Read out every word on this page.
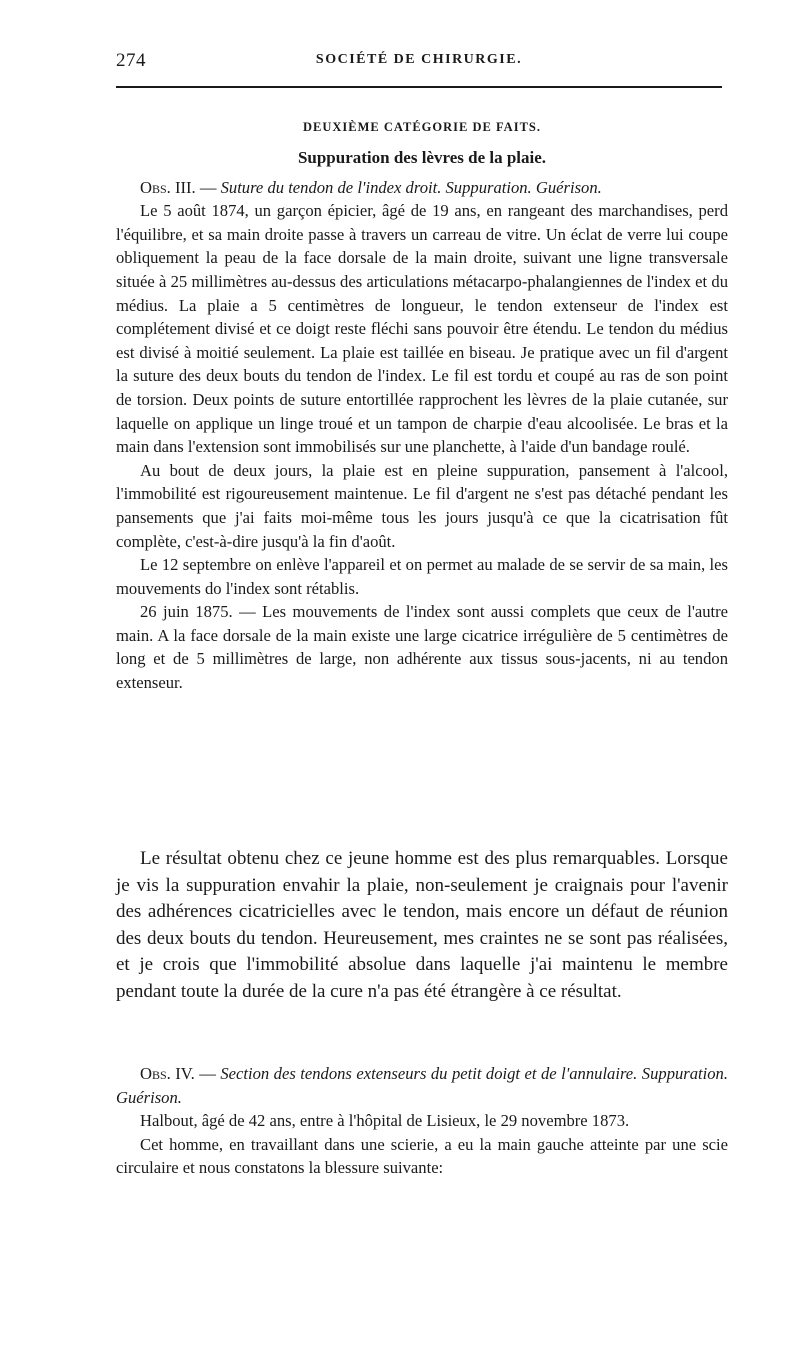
274	SOCIÉTÉ DE CHIRURGIE.
DEUXIÈME CATÉGORIE DE FAITS.
Suppuration des lèvres de la plaie.

Obs. III. — Suture du tendon de l'index droit. Suppuration. Guérison.

Le 5 août 1874, un garçon épicier, âgé de 19 ans, en rangeant des marchandises, perd l'équilibre, et sa main droite passe à travers un carreau de vitre. Un éclat de verre lui coupe obliquement la peau de la face dorsale de la main droite, suivant une ligne transversale située à 25 millimètres au-dessus des articulations métacarpo-phalangiennes de l'index et du médius. La plaie a 5 centimètres de longueur, le tendon extenseur de l'index est complétement divisé et ce doigt reste fléchi sans pouvoir être étendu. Le tendon du médius est divisé à moitié seulement. La plaie est taillée en biseau. Je pratique avec un fil d'argent la suture des deux bouts du tendon de l'index. Le fil est tordu et coupé au ras de son point de torsion. Deux points de suture entortillée rapprochent les lèvres de la plaie cutanée, sur laquelle on applique un linge troué et un tampon de charpie d'eau alcoolisée. Le bras et la main dans l'extension sont immobilisés sur une planchette, à l'aide d'un bandage roulé.

Au bout de deux jours, la plaie est en pleine suppuration, pansement à l'alcool, l'immobilité est rigoureusement maintenue. Le fil d'argent ne s'est pas détaché pendant les pansements que j'ai faits moi-même tous les jours jusqu'à ce que la cicatrisation fût complète, c'est-à-dire jusqu'à la fin d'août.

Le 12 septembre on enlève l'appareil et on permet au malade de se servir de sa main, les mouvements do l'index sont rétablis.

26 juin 1875. — Les mouvements de l'index sont aussi complets que ceux de l'autre main. A la face dorsale de la main existe une large cicatrice irrégulière de 5 centimètres de long et de 5 millimètres de large, non adhérente aux tissus sous-jacents, ni au tendon extenseur.

Le résultat obtenu chez ce jeune homme est des plus remarquables. Lorsque je vis la suppuration envahir la plaie, non-seulement je craignais pour l'avenir des adhérences cicatricielles avec le tendon, mais encore un défaut de réunion des deux bouts du tendon. Heureusement, mes craintes ne se sont pas réalisées, et je crois que l'immobilité absolue dans laquelle j'ai maintenu le membre pendant toute la durée de la cure n'a pas été étrangère à ce résultat.

Obs. IV. — Section des tendons extenseurs du petit doigt et de l'annulaire. Suppuration. Guérison.

Halbout, âgé de 42 ans, entre à l'hôpital de Lisieux, le 29 novembre 1873.

Cet homme, en travaillant dans une scierie, a eu la main gauche atteinte par une scie circulaire et nous constatons la blessure suivante:
